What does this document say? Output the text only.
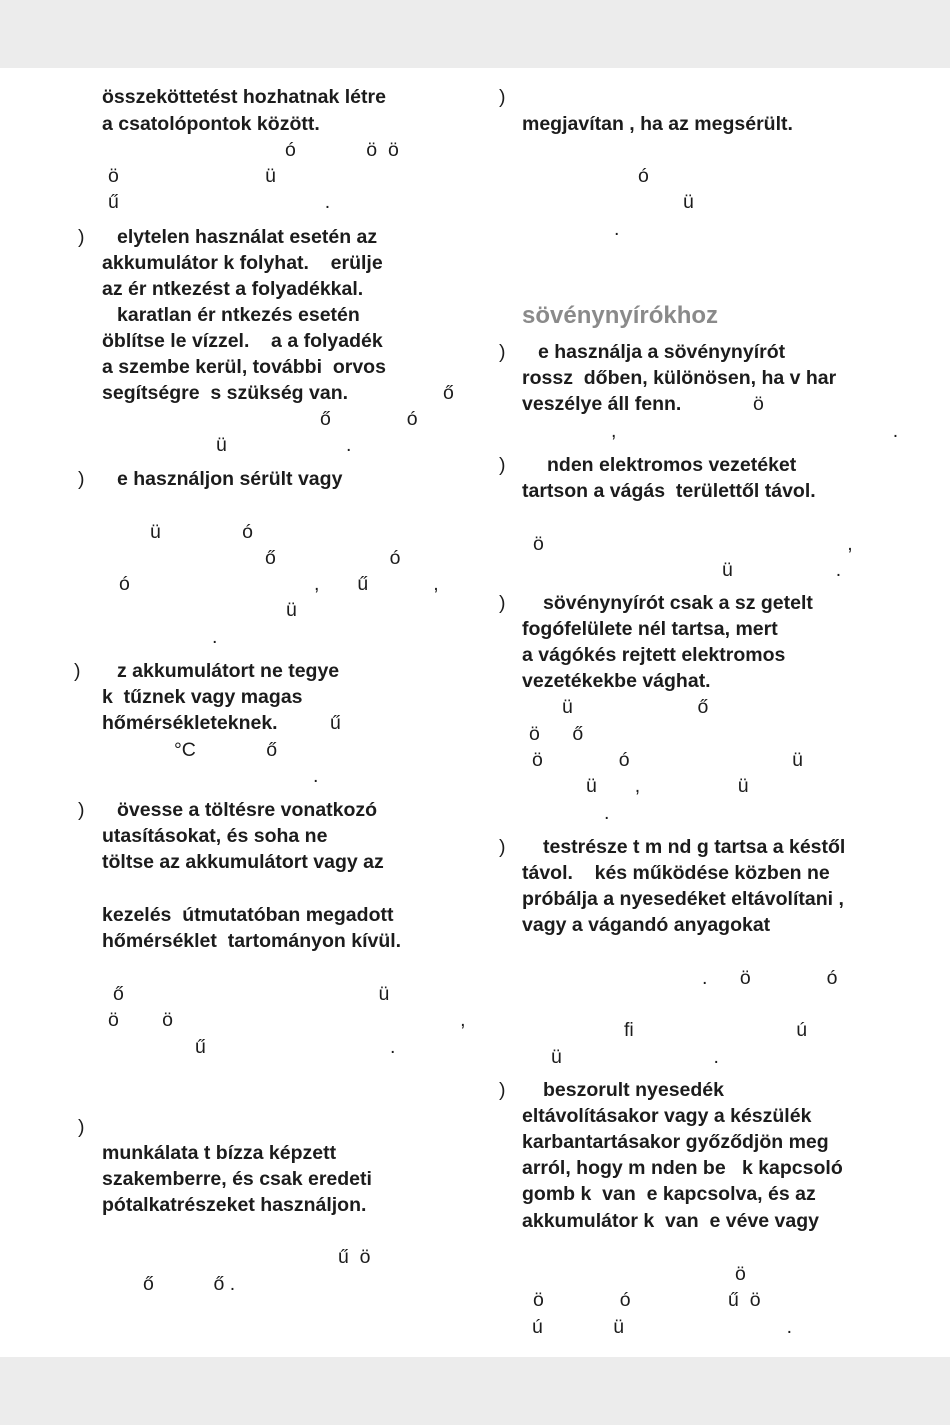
összeköttetést hozhatnak létre
a csatolópontok között.
ó             ö  ö
ö                           ü
ű                                      .
) elytelen használat esetén az
akkumulátor k folyhat.    erülje
az ér ntkezést a folyadékkal.
karatlan ér ntkezés esetén
öblítse le vízzel.    a a folyadék
a szembe kerül, további  orvos
segítségre  s szükség van.	ő
ő              ó
ü                      .
) e használjon sérült vagy
ü               ó
ő                     ó
ó                                  ,       ű            ,
ü
.
) z akkumulátort ne tegye
k  tűznek vagy magas
hőmérsékleteknek.	ű
°C             ő
.
) övesse a töltésre vonatkozó
utasításokat, és soha ne
töltse az akkumulátort vagy az
kezelés  útmutatóban megadott
hőmérséklet  tartományon kívül.
ő                                               ü
ö        ö                                                     ,
ű                                  .
)
munkálata t bízza képzett
szakemberre, és csak eredeti
pótalkatrészeket használjon.
ű  ö
ő           ő .
)
megjavítan , ha az megsérült.
ó
ü
.
sövénynyírókhoz
) e használja a sövénynyírót
rossz  dőben, különösen, ha v har
veszélye áll fenn.	ö
,                                                   .
) nden elektromos vezetéket
tartson a vágás  területtől távol.
ö                                                        ,
ü                   .
) sövénynyírót csak a sz getelt
fogófelülete nél tartsa, mert
a vágókés rejtett elektromos
vezetékekbe vághat.
ü                       ő
ö      ő
ö              ó                              ü
ü       ,                  ü
.
) testrésze t m nd g tartsa a késtől
távol.    kés működése közben ne
próbálja a nyesedéket eltávolítani ,
vagy a vágandó anyagokat
.      ö              ó
fi                              ú
ü                            .
) beszorult nyesedék
eltávolításakor vagy a készülék
karbantartásakor győződjön meg
arról, hogy m nden be   k kapcsoló
gomb k  van  e kapcsolva, és az
akkumulátor k  van  e véve vagy
ö
ö              ó                  ű  ö
ú             ü                              .
